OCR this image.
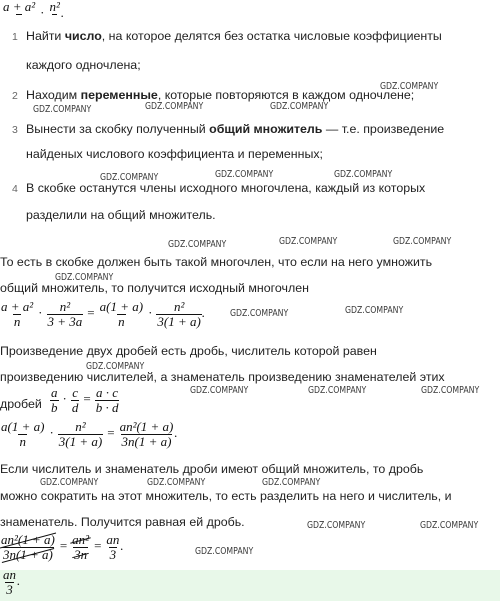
a + a²
· n²
.
1 Найти число, на которое делятся без остатка числовые коэффициенты
каждого одночлена;
2 Находим переменные, которые повторяются в каждом одночлене;
3 Вынести за скобку полученный общий множитель — т.е. произведение
найденых числового коэффициента и переменных;
4 В скобке останутся члены исходного многочлена, каждый из которых
разделили на общий множитель.
То есть в скобке должен быть такой многочлен, что если на него умножить
общий множитель, то получится исходный многочлен
$\frac{\text{a + a²}}{n} \cdot \frac{\text{n²}}{3 + 3a} = \frac{a(1 + a)}{n} \cdot \frac{\text{n²}}{3(1 + a)}$ .
Произведение двух дробей есть дробь, числитель которой равен
произведению числителей, а знаменатель произведению знаменателей этих
дробей $\frac{a}{b} \cdot \frac{c}{d} = \frac{a \cdot c}{b \cdot d}$
$\frac{a(1 + a)}{n} \cdot \frac{\text{n²}}{3(1 + a)} = \frac{\text{an²(1 + a)}}{3n(1 + a)}$ .
Если числитель и знаменатель дроби имеют общий множитель, то дробь
можно сократить на этот множитель, то есть разделить на него и числитель, и
знаменатель. Получится равная ей дробь.
$\frac{\text{an²(1 + a)}}{3n(1 + a)} = \frac{\text{an²}}{3n} = \frac{an}{3}$ .
$\frac{an}{3}$ .
GDZ.COMPANY
GDZ.COMPANY	GDZ.COMPANY	GDZ.COMPANY
GDZ.COMPANY	GDZ.COMPANY	GDZ.COMPANY
GDZ.COMPANY	GDZ.COMPANY	GDZ.COMPANY
GDZ.COMPANY
GDZ.COMPANY	GDZ.COMPANY
GDZ.COMPANY
GDZ.COMPANY	GDZ.COMPANY	GDZ.COMPANY
GDZ.COMPANY	GDZ.COMPANY	GDZ.COMPANY
GDZ.COMPANY	GDZ.COMPANY
GDZ.COMPANY
